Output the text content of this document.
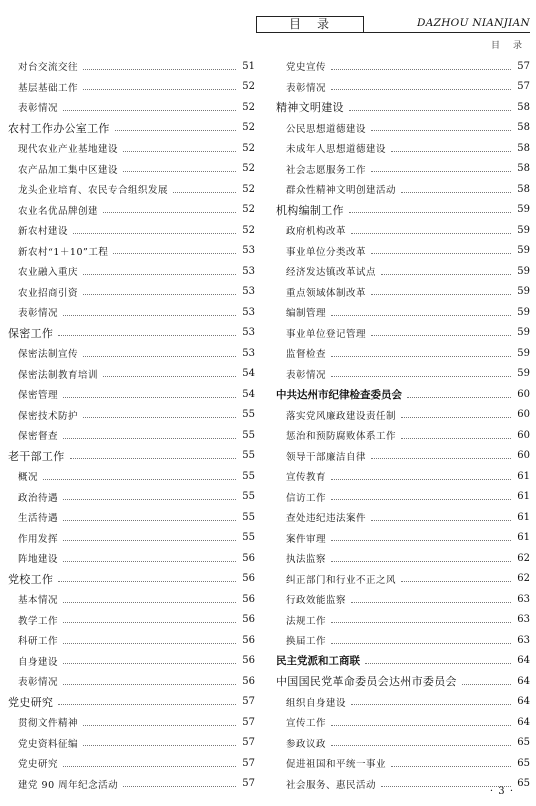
目　录	DAZHOU NIANJIAN
目　录
对台交流交往	51
基层基础工作	52
表彰情况	52
农村工作办公室工作	52
现代农业产业基地建设	52
农产品加工集中区建设	52
龙头企业培育、农民专合组织发展	52
农业名优品牌创建	52
新农村建设	52
新农村“1＋10”工程	53
农业融入重庆	53
农业招商引资	53
表彰情况	53
保密工作	53
保密法制宣传	53
保密法制教育培训	54
保密管理	54
保密技术防护	55
保密督查	55
老干部工作	55
概况	55
政治待遇	55
生活待遇	55
作用发挥	55
阵地建设	56
党校工作	56
基本情况	56
教学工作	56
科研工作	56
自身建设	56
表彰情况	56
党史研究	57
贯彻文件精神	57
党史资料征编	57
党史研究	57
建党 90 周年纪念活动	57
党史宣传	57
表彰情况	57
精神文明建设	58
公民思想道德建设	58
未成年人思想道德建设	58
社会志愿服务工作	58
群众性精神文明创建活动	58
机构编制工作	59
政府机构改革	59
事业单位分类改革	59
经济发达镇改革试点	59
重点领域体制改革	59
编制管理	59
事业单位登记管理	59
监督检查	59
表彰情况	59
中共达州市纪律检查委员会	60
落实党风廉政建设责任制	60
惩治和预防腐败体系工作	60
领导干部廉洁自律	60
宣传教育	61
信访工作	61
查处违纪违法案件	61
案件审理	61
执法监察	62
纠正部门和行业不正之风	62
行政效能监察	63
法规工作	63
换届工作	63
民主党派和工商联	64
中国国民党革命委员会达州市委员会	64
组织自身建设	64
宣传工作	64
参政议政	65
促进祖国和平统一事业	65
社会服务、惠民活动	65
· 3 ·
